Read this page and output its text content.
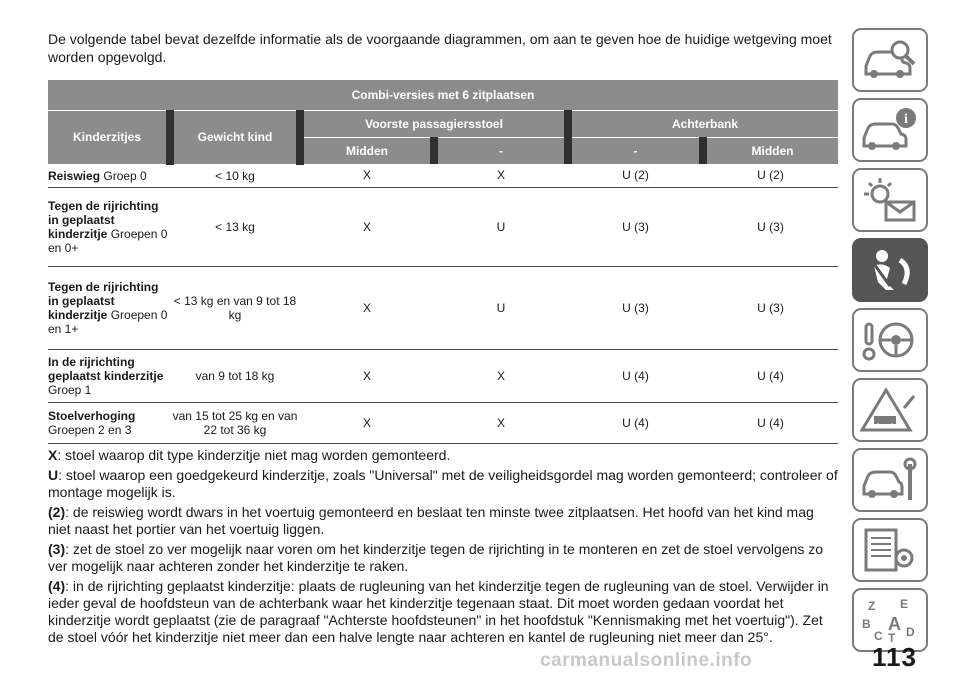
De volgende tabel bevat dezelfde informatie als de voorgaande diagrammen, om aan te geven hoe de huidige wetgeving moet worden opgevolgd.

Combi-versies met 6 zitplaatsen					
Kinderzitjes	Gewicht kind	Voorste passagiersstoel		Achterbank	
		Midden	-	-	Midden
Reiswieg Groep 0	< 10 kg	X	X	U (2)	U (2)
Tegen de rijrichting in geplaatst kinderzitje Groepen 0 en 0+	< 13 kg	X	U	U (3)	U (3)
Tegen de rijrichting in geplaatst kinderzitje Groepen 0 en 1+	< 13 kg en van 9 tot 18 kg	X	U	U (3)	U (3)
In de rijrichting geplaatst kinderzitje Groep 1	van 9 tot 18 kg	X	X	U (4)	U (4)
Stoelverhoging
Groepen 2 en 3	van 15 tot 25 kg en van 22 tot 36 kg	X	X	U (4)	U (4)

X: stoel waarop dit type kinderzitje niet mag worden gemonteerd.

U: stoel waarop een goedgekeurd kinderzitje, zoals "Universal" met de veiligheidsgordel mag worden gemonteerd; controleer of montage mogelijk is.

(2): de reiswieg wordt dwars in het voertuig gemonteerd en beslaat ten minste twee zitplaatsen. Het hoofd van het kind mag niet naast het portier van het voertuig liggen.

(3): zet de stoel zo ver mogelijk naar voren om het kinderzitje tegen de rijrichting in te monteren en zet de stoel vervolgens zo ver mogelijk naar achteren zonder het kinderzitje te raken.

(4): in de rijrichting geplaatst kinderzitje: plaats de rugleuning van het kinderzitje tegen de rugleuning van de stoel. Verwijder in ieder geval de hoofdsteun van de achterbank waar het kinderzitje tegenaan staat. Dit moet worden gedaan voordat het kinderzitje wordt geplaatst (zie de paragraaf "Achterste hoofdsteunen" in het hoofdstuk "Kennismaking met het voertuig"). Zet de stoel vóór het kinderzitje niet meer dan een halve lengte naar achteren en kantel de rugleuning niet meer dan 25°.

i
Z E
B A
C T D
carmanualsonline.info	113
